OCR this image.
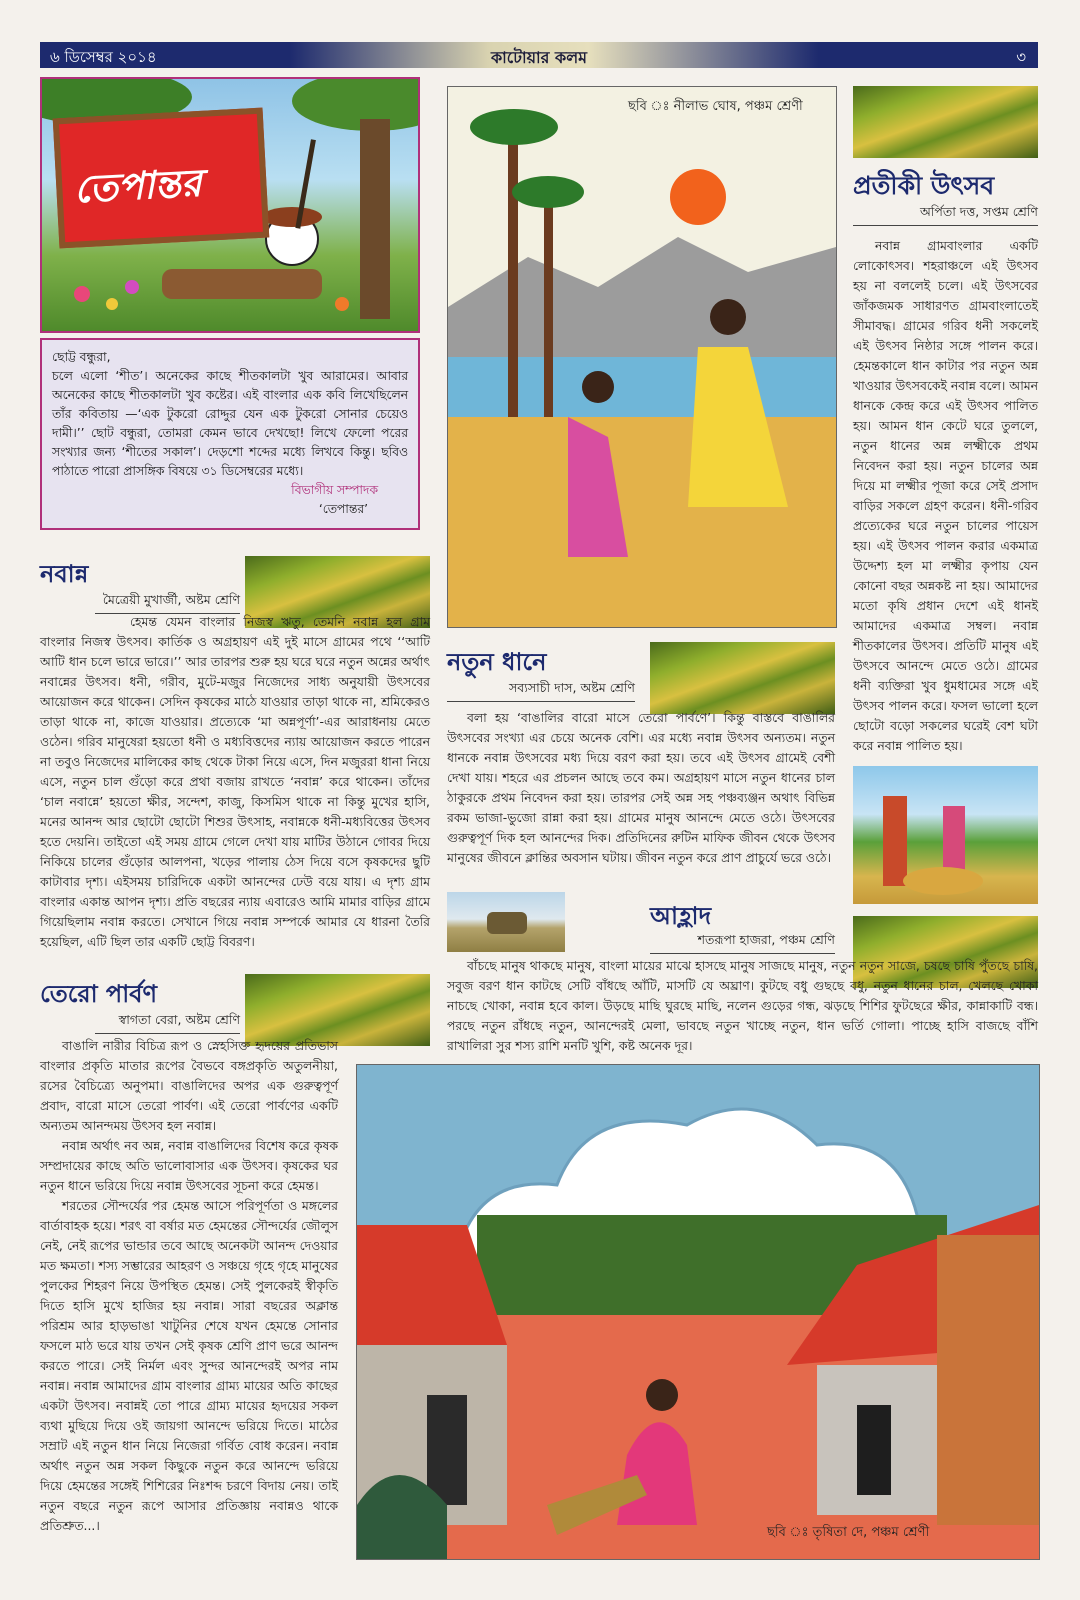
৬ ডিসেম্বর ২০১৪	কাটোয়ার কলম	৩
তেপান্তর
ছোট্ট বন্ধুরা,
চলে এলো ‘শীত’। অনেকের কাছে শীতকালটা খুব আরামের। আবার অনেকের কাছে শীতকালটা খুব কষ্টের। এই বাংলার এক কবি লিখেছিলেন তাঁর কবিতায় —‘এক টুকরো রোদ্দুর যেন এক টুকরো সোনার চেয়েও দামী।’’ ছোট বন্ধুরা, তোমরা কেমন ভাবে দেখছো! লিখে ফেলো পরের সংখ্যার জন্য ‘শীতের সকাল’। দেড়শো শব্দের মধ্যে লিখবে কিন্তু। ছবিও পাঠাতে পারো প্রাসঙ্গিক বিষয়ে ৩১ ডিসেম্বরের মধ্যে।
বিভাগীয় সম্পাদক
‘তেপান্তর’
ছবি ঃ নীলাভ ঘোষ, পঞ্চম শ্রেণী
প্রতীকী উৎসব
অর্পিতা দত্ত, সপ্তম শ্রেণি

নবান্ন গ্রামবাংলার একটি লোকোৎসব। শহরাঞ্চলে এই উৎসব হয় না বললেই চলে। এই উৎসবের জাঁকজমক সাধারণত গ্রামবাংলাতেই সীমাবদ্ধ। গ্রামের গরিব ধনী সকলেই এই উৎসব নিষ্ঠার সঙ্গে পালন করে। হেমন্তকালে ধান কাটার পর নতুন অন্ন খাওয়ার উৎসবকেই নবান্ন বলে। আমন ধানকে কেন্দ্র করে এই উৎসব পালিত হয়। আমন ধান কেটে ঘরে তুললে, নতুন ধানের অন্ন লক্ষ্মীকে প্রথম নিবেদন করা হয়। নতুন চালের অন্ন দিয়ে মা লক্ষ্মীর পূজা করে সেই প্রসাদ বাড়ির সকলে গ্রহণ করেন। ধনী-গরিব প্রত্যেকের ঘরে নতুন চালের পায়েস হয়। এই উৎসব পালন করার একমাত্র উদ্দেশ্য হল মা লক্ষ্মীর কৃপায় যেন কোনো বছর অন্নকষ্ট না হয়। আমাদের মতো কৃষি প্রধান দেশে এই ধানই আমাদের একমাত্র সম্বল। নবান্ন শীতকালের উৎসব। প্রতিটি মানুষ এই উৎসবে আনন্দে মেতে ওঠে। গ্রামের ধনী ব্যক্তিরা খুব ধুমধামের সঙ্গে এই উৎসব পালন করে। ফসল ভালো হলে ছোটো বড়ো সকলের ঘরেই বেশ ঘটা করে নবান্ন পালিত হয়।

নবান্ন
মৈত্রেয়ী মুখার্জী, অষ্টম শ্রেণি

হেমন্ত যেমন বাংলার নিজস্ব ঋতু, তেমনি নবান্ন হল গ্রাম বাংলার নিজস্ব উৎসব। কার্তিক ও অগ্রহায়ণ এই দুই মাসে গ্রামের পথে ‘‘আটি আটি ধান চলে ভারে ভারে।’’ আর তারপর শুরু হয় ঘরে ঘরে নতুন অন্নের অর্থাৎ নবান্নের উৎসব। ধনী, গরীব, মুটে-মজুর নিজেদের সাধ্য অনুযায়ী উৎসবের আয়োজন করে থাকেন। সেদিন কৃষকের মাঠে যাওয়ার তাড়া থাকে না, শ্রমিকেরও তাড়া থাকে না, কাজে যাওয়ার। প্রত্যেকে ‘মা অন্নপূর্ণা’-এর আরাধনায় মেতে ওঠেন। গরিব মানুষেরা হয়তো ধনী ও মধ্যবিত্তদের ন্যায় আয়োজন করতে পারেন না তবুও নিজেদের মালিকের কাছ থেকে টাকা নিয়ে এসে, দিন মজুররা ধানা নিয়ে এসে, নতুন চাল গুঁড়ো করে প্রথা বজায় রাখতে ‘নবান্ন’ করে থাকেন। তাঁদের ‘চাল নবান্নে’ হয়তো ক্ষীর, সন্দেশ, কাজু, কিসমিস থাকে না কিন্তু মুখের হাসি, মনের আনন্দ আর ছোটো ছোটো শিশুর উৎসাহ, নবান্নকে ধনী-মধ্যবিত্তের উৎসব হতে দেয়নি। তাইতো এই সময় গ্রামে গেলে দেখা যায় মাটির উঠানে গোবর দিয়ে নিকিয়ে চালের গুঁড়োর আলপনা, খড়ের পালায় ঠেস দিয়ে বসে কৃষকদের ছুটি কাটাবার দৃশ্য। এইসময় চারিদিকে একটা আনন্দের ঢেউ বয়ে যায়। এ দৃশ্য গ্রাম বাংলার একান্ত আপন দৃশ্য। প্রতি বছরের ন্যায় এবারেও আমি মামার বাড়ির গ্রামে গিয়েছিলাম নবান্ন করতে। সেখানে গিয়ে নবান্ন সম্পর্কে আমার যে ধারনা তৈরি হয়েছিল, এটি ছিল তার একটি ছোট্ট বিবরণ।

নতুন ধানে
সব্যসাচী দাস, অষ্টম শ্রেণি

বলা হয় ‘বাঙালির বারো মাসে তেরো পার্বণে’। কিন্তু বাস্তবে বাঙালির উৎসবের সংখ্যা এর চেয়ে অনেক বেশি। এর মধ্যে নবান্ন উৎসব অন্যতম। নতুন ধানকে নবান্ন উৎসবের মধ্য দিয়ে বরণ করা হয়। তবে এই উৎসব গ্রামেই বেশী দেখা যায়। শহরে এর প্রচলন আছে তবে কম। অগ্রহায়ণ মাসে নতুন ধানের চাল ঠাকুরকে প্রথম নিবেদন করা হয়। তারপর সেই অন্ন সহ পঞ্চব্যঞ্জন অথাৎ বিভিন্ন রকম ভাজা-ভুজো রান্না করা হয়। গ্রামের মানুষ আনন্দে মেতে ওঠে। উৎসবের গুরুত্বপূর্ণ দিক হল আনন্দের দিক। প্রতিদিনের রুটিন মাফিক জীবন থেকে উৎসব মানুষের জীবনে ক্লান্তির অবসান ঘটায়। জীবন নতুন করে প্রাণ প্রাচুর্যে ভরে ওঠে।

আহ্লাদ
শতরূপা হাজরা, পঞ্চম শ্রেণি

বাঁচছে মানুষ থাকছে মানুষ, বাংলা মায়ের মাঝে হাসছে মানুষ সাজছে মানুষ, নতুন নতুন সাজে, চষছে চাষি পুঁতছে চাষি, সবুজ বরণ ধান কাটছে সেটি বাঁধছে আঁটি, মাসটি যে অঘ্রাণ। কুটছে বধু গুছছে বধু, নতুন ধানের চাল, খেলছে খোকা নাচছে খোকা, নবান্ন হবে কাল। উড়ছে মাছি ঘুরছে মাছি, নলেন গুড়ের গন্ধ, ঝড়ছে শিশির ফুটছেরে ক্ষীর, কান্নাকাটি বন্ধ। পরছে নতুন রাঁধছে নতুন, আনন্দেরই মেলা, ভাবছে নতুন খাচ্ছে নতুন, ধান ভর্তি গোলা। পাচ্ছে হাসি বাজছে বাঁশি রাখালিরা সুর শস্য রাশি মনটি খুশি, কষ্ট অনেক দূর।

তেরো পার্বণ
স্বাগতা বেরা, অষ্টম শ্রেণি

বাঙালি নারীর বিচিত্র রূপ ও স্নেহসিক্ত হৃদয়ের প্রতিভাস বাংলার প্রকৃতি মাতার রূপের বৈভবে বঙ্গপ্রকৃতি অতুলনীয়া, রসের বৈচিত্র্যে অনুপমা। বাঙালিদের অপর এক গুরুত্বপূর্ণ প্রবাদ, বারো মাসে তেরো পার্বণ। এই তেরো পার্বণের একটি অন্যতম আনন্দময় উৎসব হল নবান্ন।

নবান্ন অর্থাৎ নব অন্ন, নবান্ন বাঙালিদের বিশেষ করে কৃষক সম্প্রদায়ের কাছে অতি ভালোবাসার এক উৎসব। কৃষকের ঘর নতুন ধানে ভরিয়ে দিয়ে নবান্ন উৎসবের সূচনা করে হেমন্ত।

শরতের সৌন্দর্যের পর হেমন্ত আসে পরিপূর্ণতা ও মঙ্গলের বার্তাবাহক হয়ে। শরৎ বা বর্ষার মত হেমন্তের সৌন্দর্যের জৌলুস নেই, নেই রূপের ভান্ডার তবে আছে অনেকটা আনন্দ দেওয়ার মত ক্ষমতা। শস্য সম্ভারের আহরণ ও সঞ্চয়ে গৃহে গৃহে মানুষের পুলকের শিহরণ নিয়ে উপস্থিত হেমন্ত। সেই পুলকেরই স্বীকৃতি দিতে হাসি মুখে হাজির হয় নবান্ন। সারা বছরের অক্লান্ত পরিশ্রম আর হাড়ভাঙা খাটুনির শেষে যখন হেমন্তে সোনার ফসলে মাঠ ভরে যায় তখন সেই কৃষক শ্রেণি প্রাণ ভরে আনন্দ করতে পারে। সেই নির্মল এবং সুন্দর আনন্দেরই অপর নাম নবান্ন। নবান্ন আমাদের গ্রাম বাংলার গ্রাম্য মায়ের অতি কাছের একটা উৎসব। নবান্নই তো পারে গ্রাম্য মায়ের হৃদয়ের সকল ব্যথা মুছিয়ে দিয়ে ওই জায়গা আনন্দে ভরিয়ে দিতে। মাঠের সম্রাট এই নতুন ধান নিয়ে নিজেরা গর্বিত বোধ করেন। নবান্ন অর্থাৎ নতুন অন্ন সকল কিছুকে নতুন করে আনন্দে ভরিয়ে দিয়ে হেমন্তের সঙ্গেই শিশিরের নিঃশব্দ চরণে বিদায় নেয়। তাই নতুন বছরে নতুন রূপে আসার প্রতিজ্ঞায় নবান্নও থাকে প্রতিশ্রুত...।	ছবি ঃ তৃষিতা দে, পঞ্চম শ্রেণী
